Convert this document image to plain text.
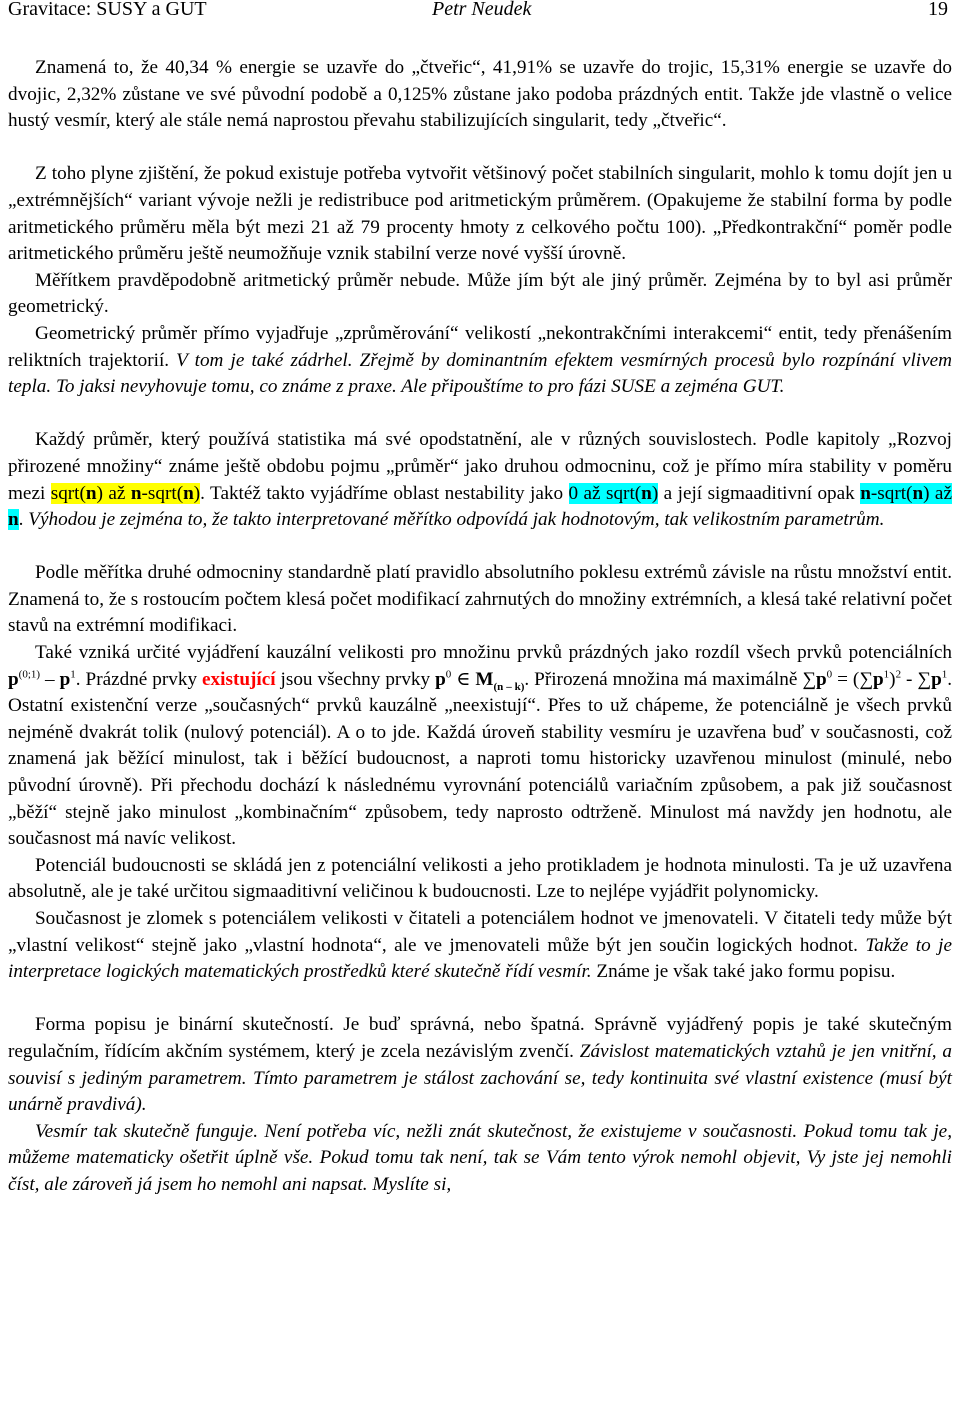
Gravitace: SUSY a GUT	Petr Neudek	19

Znamená to, že 40,34 % energie se uzavře do „čtveřic“, 41,91% se uzavře do trojic, 15,31% energie se uzavře do dvojic, 2,32% zůstane ve své původní podobě a 0,125% zůstane jako podoba prázdných entit. Takže jde vlastně o velice hustý vesmír, který ale stále nemá naprostou převahu stabilizujících singularit, tedy „čtveřic“.

Z toho plyne zjištění, že pokud existuje potřeba vytvořit většinový počet stabilních singularit, mohlo k tomu dojít jen u „extrémnějších“ variant vývoje nežli je redistribuce pod aritmetickým průměrem. (Opakujeme že stabilní forma by podle aritmetického průměru měla být mezi 21 až 79 procenty hmoty z celkového počtu 100). „Předkontrakční“ poměr podle aritmetického průměru ještě neumožňuje vznik stabilní verze nové vyšší úrovně.

Měřítkem pravděpodobně aritmetický průměr nebude. Může jím být ale jiný průměr. Zejména by to byl asi průměr geometrický.

Geometrický průměr přímo vyjadřuje „zprůměrování“ velikostí „nekontrakčními interakcemi“ entit, tedy přenášením reliktních trajektorií. V tom je také zádrhel. Zřejmě by dominantním efektem vesmírných procesů bylo rozpínání vlivem tepla. To jaksi nevyhovuje tomu, co známe z praxe. Ale připouštíme to pro fázi SUSE a zejména GUT.

Každý průměr, který používá statistika má své opodstatnění, ale v různých souvislostech. Podle kapitoly „Rozvoj přirozené množiny“ známe ještě obdobu pojmu „průměr“ jako druhou odmocninu, což je přímo míra stability v poměru mezi sqrt(n) až n-sqrt(n). Taktéž takto vyjádříme oblast nestability jako 0 až sqrt(n) a její sigmaaditivní opak n-sqrt(n) až n. Výhodou je zejména to, že takto interpretované měřítko odpovídá jak hodnotovým, tak velikostním parametrům.

Podle měřítka druhé odmocniny standardně platí pravidlo absolutního poklesu extrémů závisle na růstu množství entit. Znamená to, že s rostoucím počtem klesá počet modifikací zahrnutých do množiny extrémních, a klesá také relativní počet stavů na extrémní modifikaci.

Také vzniká určité vyjádření kauzální velikosti pro množinu prvků prázdných jako rozdíl všech prvků potenciálních $p^{(0;1)} - p^1$. Prázdné prvky existující jsou všechny prvky $p^0$ ∈ $M_{(n - k)}$. Přirozená množina má maximálně $\sum p^0 = (\sum p^1)^2 - \sum p^1$. Ostatní existenční verze „současných“ prvků kauzálně „neexistují“. Přes to už chápeme, že potenciálně je všech prvků nejméně dvakrát tolik (nulový potenciál). A o to jde. Každá úroveň stability vesmíru je uzavřena buď v současnosti, což znamená jak běžící minulost, tak i běžící budoucnost, a naproti tomu historicky uzavřenou minulost (minulé, nebo původní úrovně). Při přechodu dochází k následnému vyrovnání potenciálů variačním způsobem, a pak již současnost „běží“ stejně jako minulost „kombinačním“ způsobem, tedy naprosto odtrženě. Minulost má navždy jen hodnotu, ale současnost má navíc velikost.

Potenciál budoucnosti se skládá jen z potenciální velikosti a jeho protikladem je hodnota minulosti. Ta je už uzavřena absolutně, ale je také určitou sigmaaditivní veličinou k budoucnosti. Lze to nejlépe vyjádřit polynomicky.

Současnost je zlomek s potenciálem velikosti v čitateli a potenciálem hodnot ve jmenovateli. V čitateli tedy může být „vlastní velikost“ stejně jako „vlastní hodnota“, ale ve jmenovateli může být jen součin logických hodnot. Takže to je interpretace logických matematických prostředků které skutečně řídí vesmír. Známe je však také jako formu popisu.

Forma popisu je binární skutečností. Je buď správná, nebo špatná. Správně vyjádřený popis je také skutečným regulačním, řídícím akčním systémem, který je zcela nezávislým zvenčí. Závislost matematických vztahů je jen vnitřní, a souvisí s jediným parametrem. Tímto parametrem je stálost zachování se, tedy kontinuita své vlastní existence (musí být unárně pravdivá).

Vesmír tak skutečně funguje. Není potřeba víc, nežli znát skutečnost, že existujeme v současnosti. Pokud tomu tak je, můžeme matematicky ošetřit úplně vše. Pokud tomu tak není, tak se Vám tento výrok nemohl objevit, Vy jste jej nemohli číst, ale zároveň já jsem ho nemohl ani napsat. Myslíte si,
